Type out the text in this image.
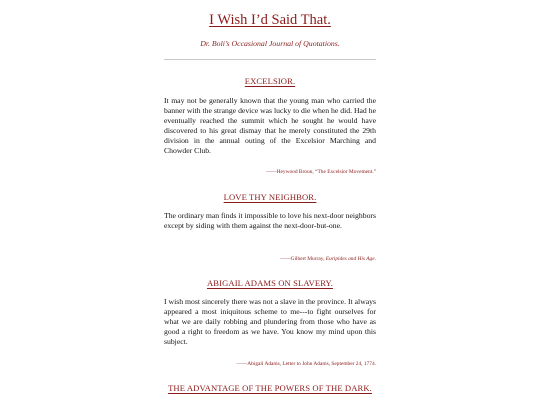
I Wish I’d Said That.
Dr. Boli’s Occasional Journal of Quotations.
EXCELSIOR.

It may not be generally known that the young man who carried the banner with the strange device was lucky to die when he did. Had he eventually reached the summit which he sought he would have discovered to his great dismay that he merely constituted the 29th division in the annual outing of the Excelsior Marching and Chowder Club.

——Heywood Broun, “The Excelsior Movement.”
LOVE THY NEIGHBOR.

The ordinary man finds it impossible to love his next-door neighbors except by siding with them against the next-door-but-one.

——Gilbert Murray, Euripides and His Age.
ABIGAIL ADAMS ON SLAVERY.

I wish most sincerely there was not a slave in the province. It always appeared a most iniquitous scheme to me---to fight ourselves for what we are daily robbing and plundering from those who have as good a right to freedom as we have. You know my mind upon this subject.

——Abigail Adams, Letter to John Adams, September 24, 1774.
THE ADVANTAGE OF THE POWERS OF THE DARK.
